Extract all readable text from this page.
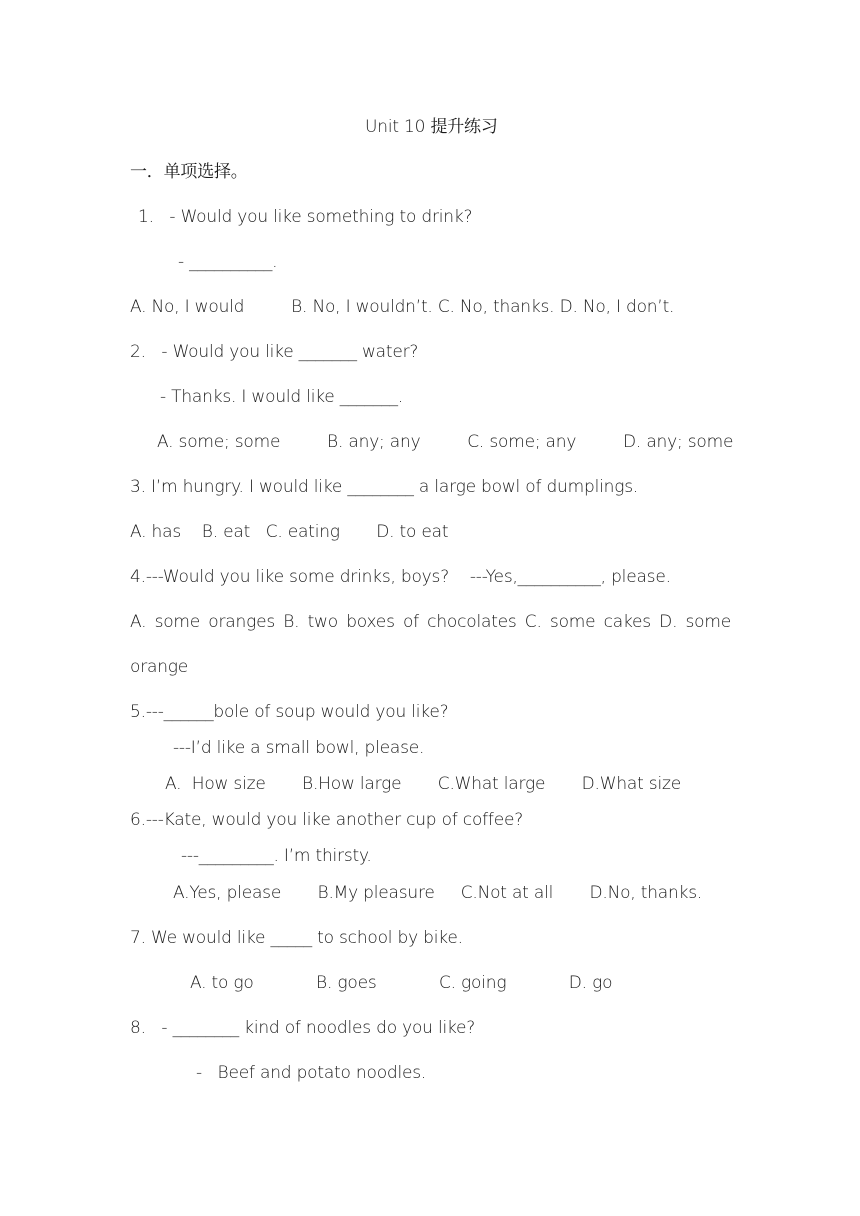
Unit 10 提升练习
一．单项选择。
1.   - Would you like something to drink?
- __________.
A. No, I would         B. No, I wouldn’t. C. No, thanks. D. No, I don’t.
2.   - Would you like _______ water?
- Thanks. I would like _______.
A. some; some         B. any; any         C. some; any         D. any; some
3. I’m hungry. I would like ________ a large bowl of dumplings.
A. has    B. eat   C. eating       D. to eat
4.---Would you like some drinks, boys?    ---Yes,__________, please.
A. some oranges B. two boxes of chocolates C. some cakes D. some
orange
5.---______bole of soup would you like?
---I’d like a small bowl, please.
A.  How size       B.How large       C.What large       D.What size
6.---Kate, would you like another cup of coffee?
---_________. I’m thirsty.
A.Yes, please       B.My pleasure     C.Not at all       D.No, thanks.
7. We would like _____ to school by bike.
A. to go            B. goes            C. going            D. go
8.   - ________ kind of noodles do you like?
-   Beef and potato noodles.
